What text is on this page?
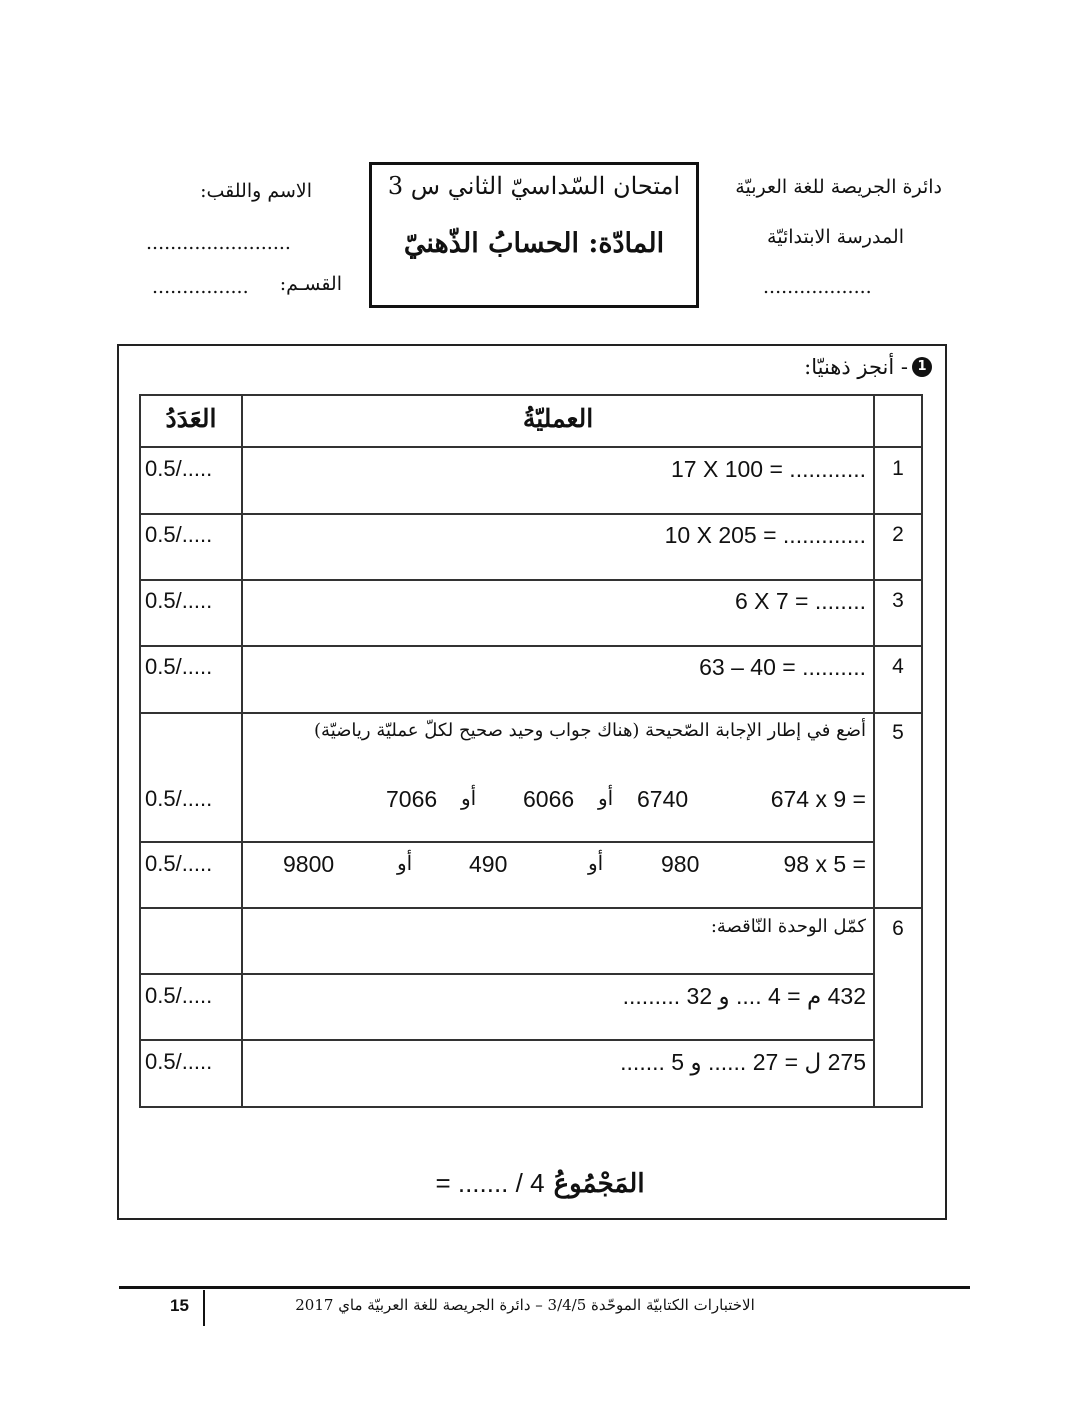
دائرة الجريصة للغة العربيّة
المدرسة الابتدائيّة
..................
امتحان السّداسيّ الثاني س 3
المادّة: الحسابُ الذّهنيّ
الاسم واللقب:
........................
القسـم:
................
1
- أنجز ذهنيّا:
العمليّةُ
العَدَدُ
1
17 X 100 = ............
0.5/.....
2
10 X 205 = .............
0.5/.....
3
6 X 7 = ........
0.5/.....
4
63 – 40 = ..........
0.5/.....
5
أضع في إطار الإجابة الصّحيحة (هناك جواب وحيد صحيح لكلّ عمليّة رياضيّة)
674 x 9 =
6740
أو
6066
أو
7066
0.5/.....
98 x 5 =
980
أو
490
أو
9800
0.5/.....
6
كمّل الوحدة النّاقصة:
432 م = 4 .... و 32 .........
0.5/.....
275 ل = 27 ...... و 5 .......
0.5/.....
= ....... / 4 المَجْمُوعُ
15	الاختبارات الكتابيّة الموحّدة 3/4/5 – دائرة الجريصة للغة العربيّة ماي 2017
